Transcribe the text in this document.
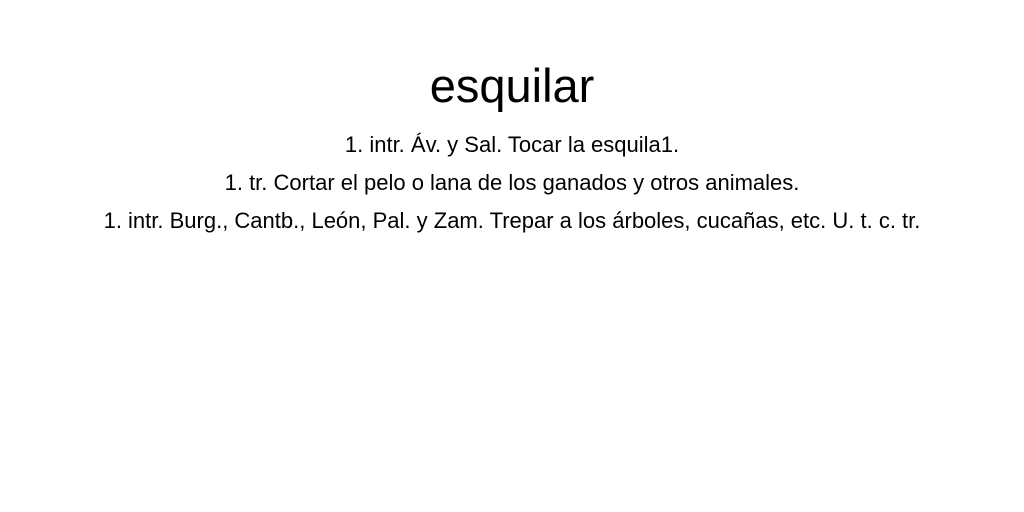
esquilar
1. intr. Áv. y Sal. Tocar la esquila1.
1. tr. Cortar el pelo o lana de los ganados y otros animales.
1. intr. Burg., Cantb., León, Pal. y Zam. Trepar a los árboles, cucañas, etc. U. t. c. tr.
